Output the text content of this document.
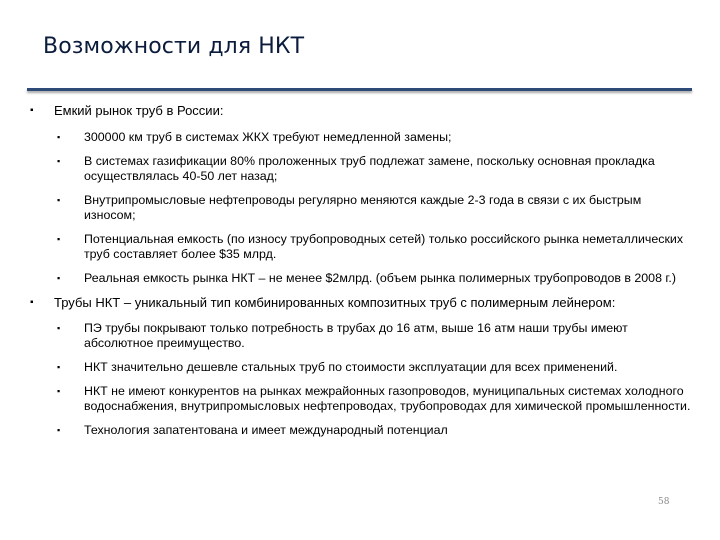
Возможности для НКТ
▪ Емкий рынок труб в России:
▪ 300000 км труб в системах ЖКХ требуют немедленной замены;
▪ В системах газификации 80% проложенных труб подлежат замене, поскольку основная прокладка осуществлялась 40-50 лет назад;
▪ Внутрипромысловые нефтепроводы регулярно меняются каждые 2-3 года в связи с их быстрым износом;
▪ Потенциальная емкость (по износу трубопроводных сетей) только российского рынка неметаллических труб составляет более $35 млрд.
▪ Реальная емкость рынка НКТ – не менее $2млрд. (объем рынка полимерных трубопроводов в 2008 г.)
▪ Трубы НКТ – уникальный тип комбинированных композитных труб с полимерным лейнером:
▪ ПЭ трубы покрывают только потребность в трубах до 16 атм, выше 16 атм наши трубы имеют абсолютное преимущество.
▪ НКТ значительно дешевле стальных труб по стоимости эксплуатации для всех применений.
▪ НКТ не имеют конкурентов на рынках межрайонных газопроводов, муниципальных системах холодного водоснабжения, внутрипромысловых нефтепроводах, трубопроводах для химической промышленности.
▪ Технология запатентована и имеет международный потенциал
58
